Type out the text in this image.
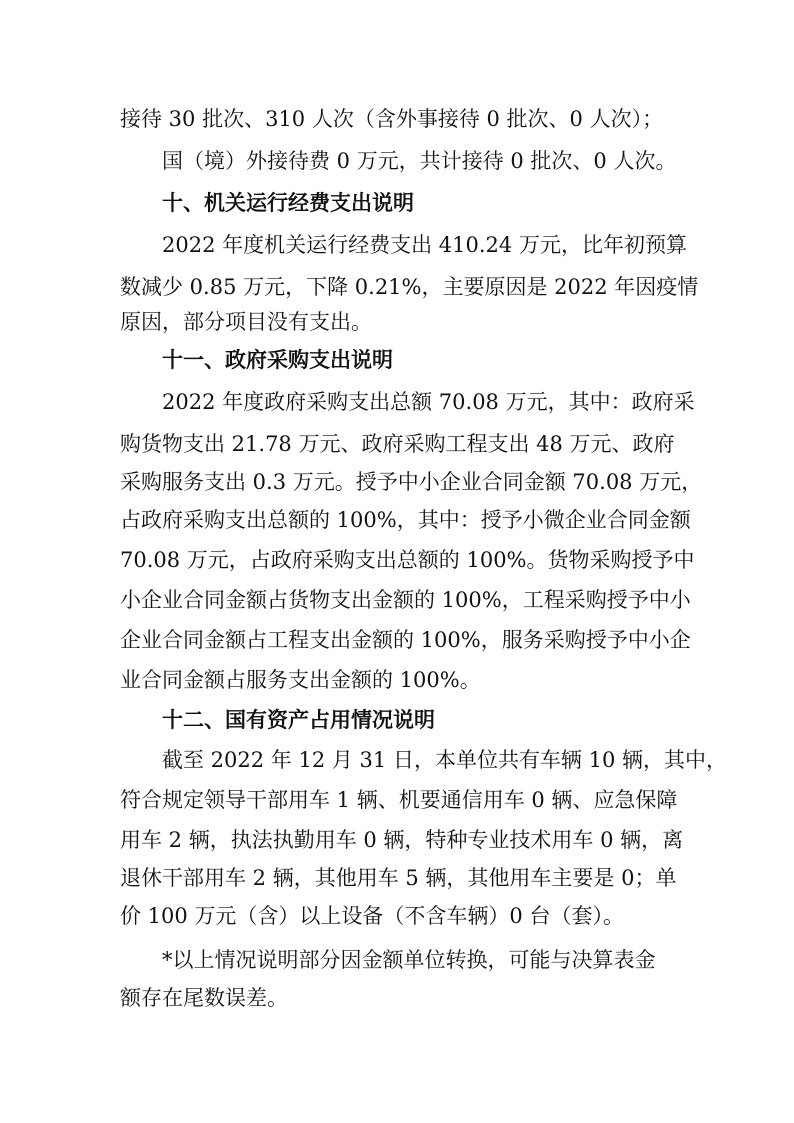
接待 30 批次、310 人次（含外事接待 0 批次、0 人次）；
国（境）外接待费 0 万元，共计接待 0 批次、0 人次。
十、机关运行经费支出说明
2022 年度机关运行经费支出 410.24 万元，比年初预算
数减少 0.85 万元，下降 0.21%，主要原因是 2022 年因疫情
原因，部分项目没有支出。
十一、政府采购支出说明
2022 年度政府采购支出总额 70.08 万元，其中：政府采
购货物支出 21.78 万元、政府采购工程支出 48 万元、政府
采购服务支出 0.3 万元。授予中小企业合同金额 70.08 万元，
占政府采购支出总额的 100%，其中：授予小微企业合同金额
70.08 万元，占政府采购支出总额的 100%。货物采购授予中
小企业合同金额占货物支出金额的 100%，工程采购授予中小
企业合同金额占工程支出金额的 100%，服务采购授予中小企
业合同金额占服务支出金额的 100%。
十二、国有资产占用情况说明
截至 2022 年 12 月 31 日，本单位共有车辆 10 辆，其中，
符合规定领导干部用车 1 辆、机要通信用车 0 辆、应急保障
用车 2 辆，执法执勤用车 0 辆，特种专业技术用车 0 辆，离
退休干部用车 2 辆，其他用车 5 辆，其他用车主要是 0；单
价 100 万元（含）以上设备（不含车辆）0 台（套）。
*以上情况说明部分因金额单位转换，可能与决算表金
额存在尾数误差。
